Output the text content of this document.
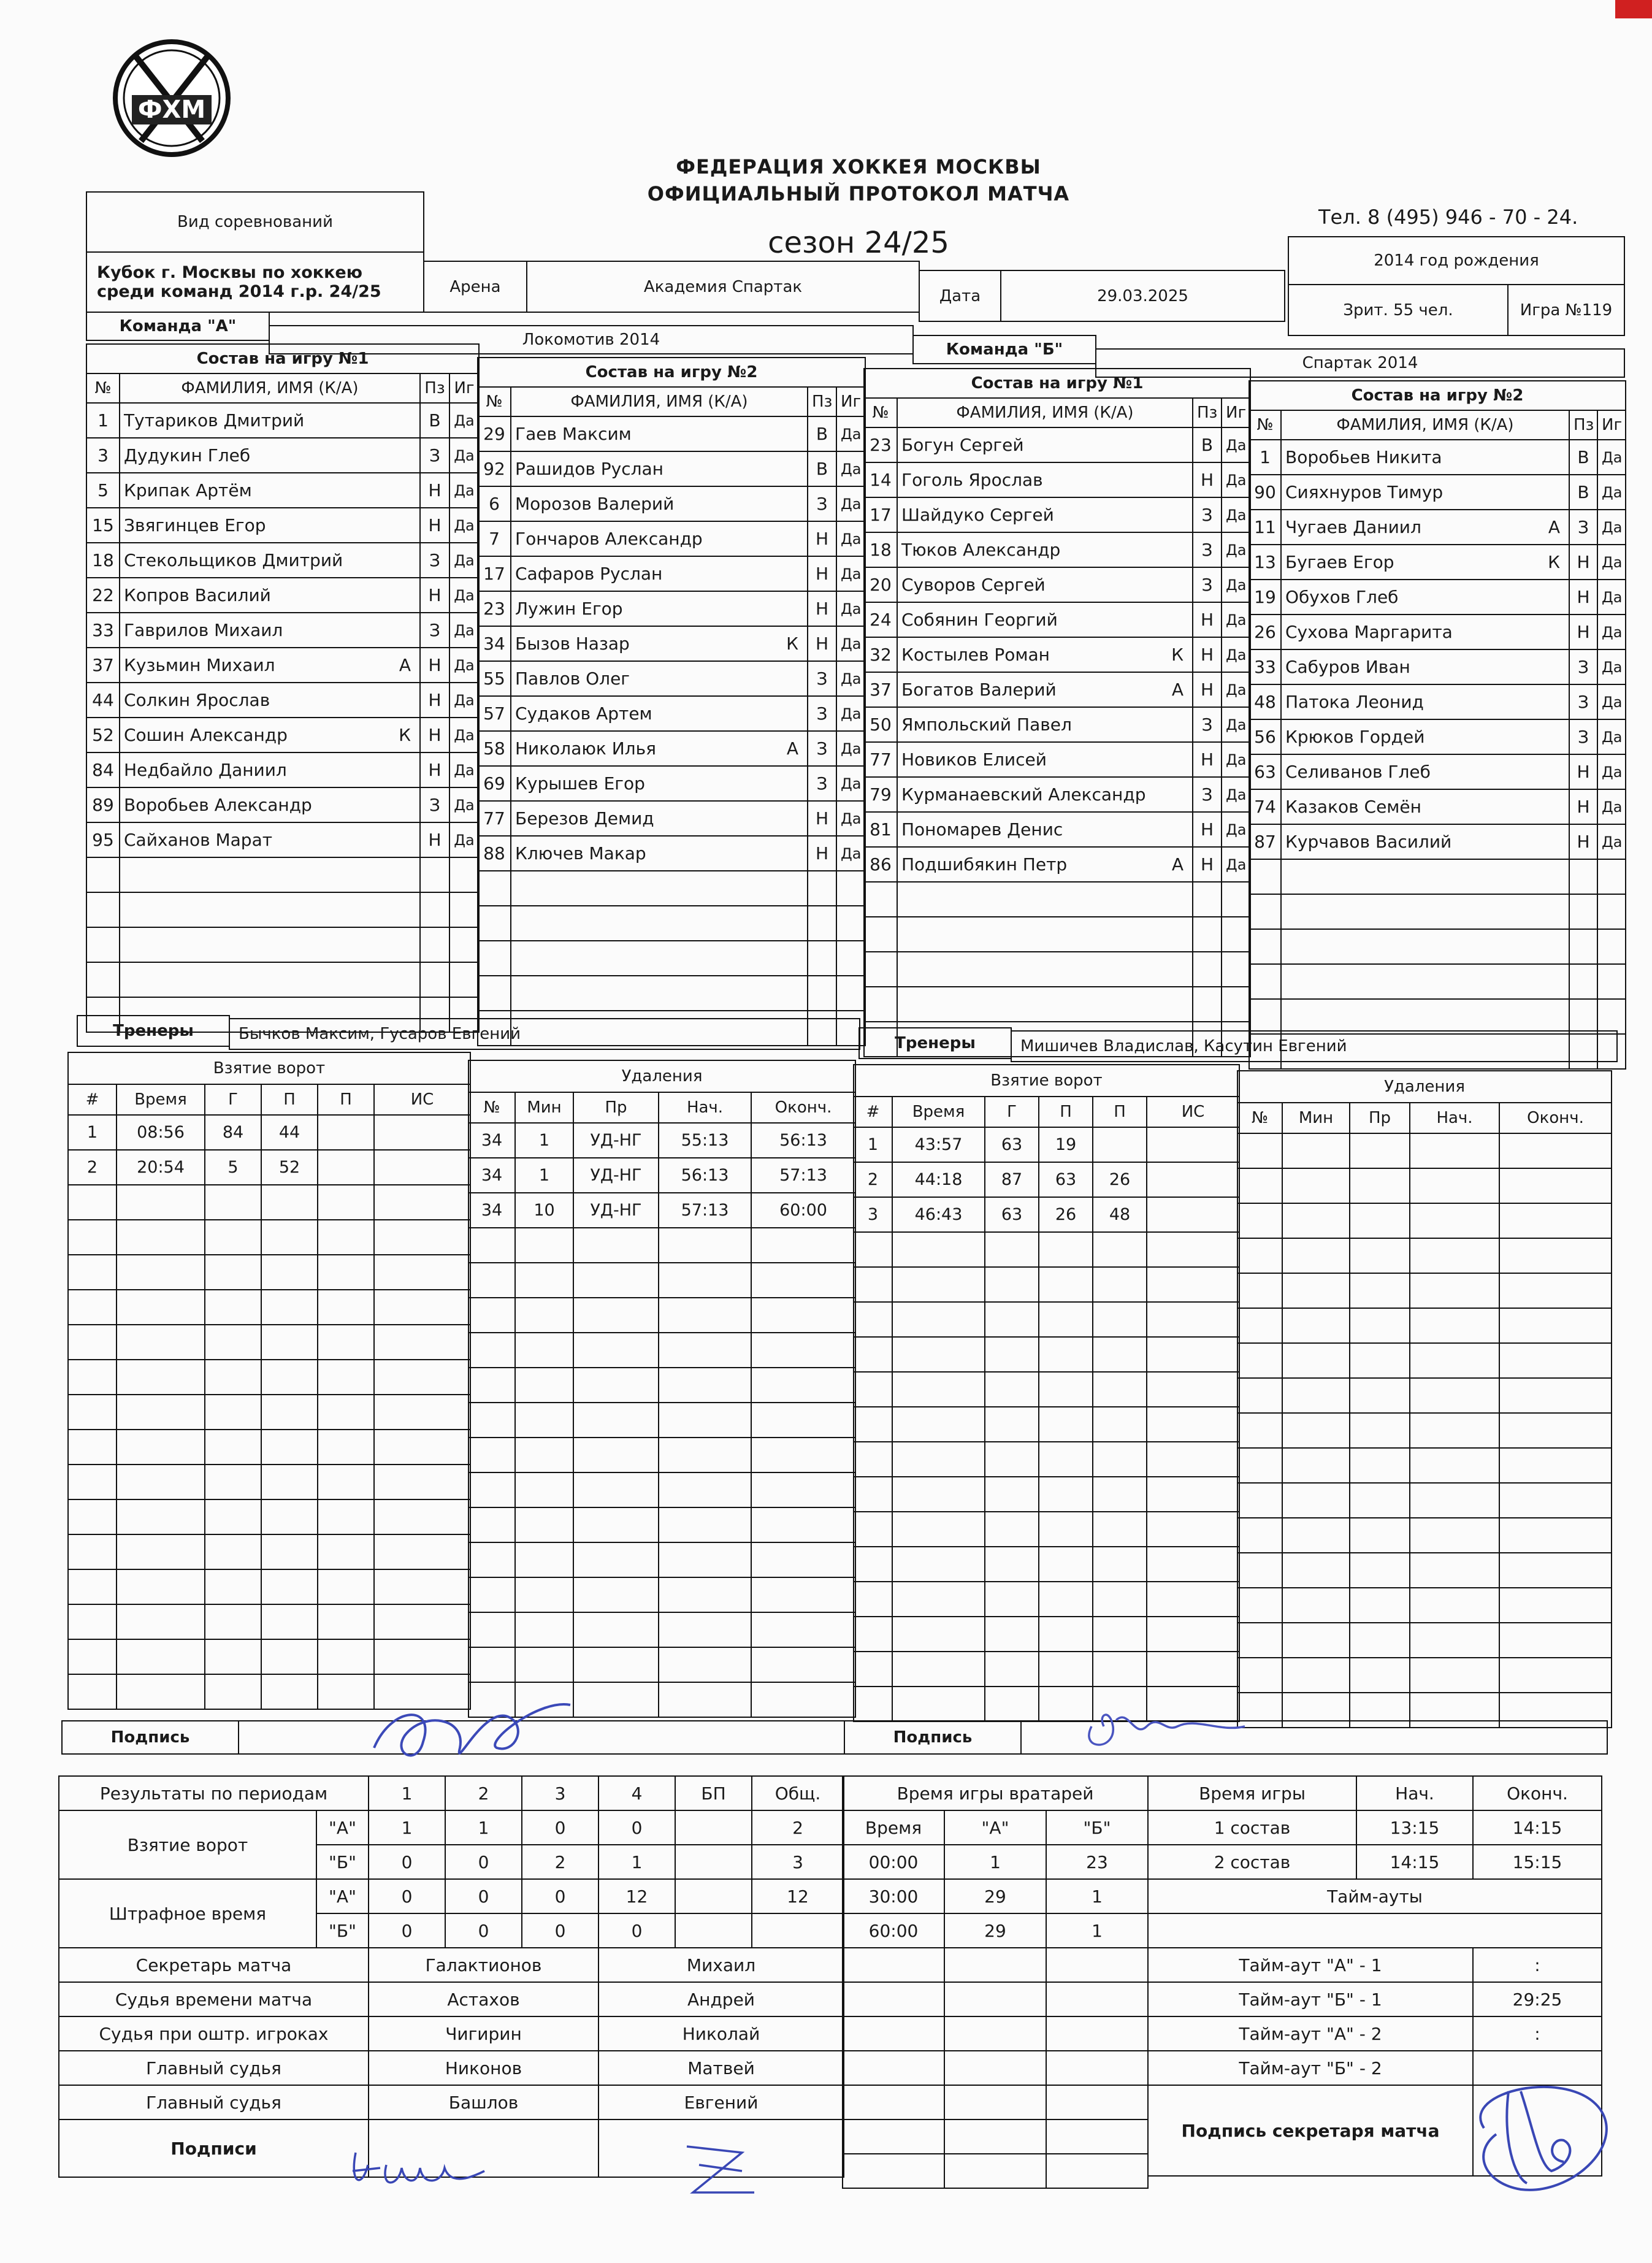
ФХМ
ФЕДЕРАЦИЯ ХОККЕЯ МОСКВЫ
ОФИЦИАЛЬНЫЙ ПРОТОКОЛ МАТЧА
сезон 24/25
Тел. 8 (495) 946 - 70 - 24.
Вид соревнований
Кубок г. Москвы по хоккею среди команд 2014 г.р. 24/25	Арена	Академия Спартак	Дата	29.03.2025
2014 год рождения
Зрит. 55 чел.	Игра №119
Команда "А"
Локомотив 2014
Команда "Б"
Спартак 2014
Состав на игру №1			
№	ФАМИЛИЯ, ИМЯ (К/А)	Пз	Иг
1	Тутариков Дмитрий	В	Да
3	Дудукин Глеб	З	Да
5	Крипак Артём	Н	Да
15	Звягинцев Егор	Н	Да
18	Стекольщиков Дмитрий	З	Да
22	Копров Василий	Н	Да
33	Гаврилов Михаил	З	Да
37	Кузьмин Михаил А	Н	Да
44	Солкин Ярослав	Н	Да
52	Сошин Александр К	Н	Да
84	Недбайло Даниил	Н	Да
89	Воробьев Александр	З	Да
95	Сайханов Марат	Н	Да

Состав на игру №2			
№	ФАМИЛИЯ, ИМЯ (К/А)	Пз	Иг
29	Гаев Максим	В	Да
92	Рашидов Руслан	В	Да
6	Морозов Валерий	З	Да
7	Гончаров Александр	Н	Да
17	Сафаров Руслан	Н	Да
23	Лужин Егор	Н	Да
34	Бызов Назар К	Н	Да
55	Павлов Олег	З	Да
57	Судаков Артем	З	Да
58	Николаюк Илья А	З	Да
69	Курышев Егор	З	Да
77	Березов Демид	Н	Да
88	Ключев Макар	Н	Да

Состав на игру №1			
№	ФАМИЛИЯ, ИМЯ (К/А)	Пз	Иг
23	Богун Сергей	В	Да
14	Гоголь Ярослав	Н	Да
17	Шайдуко Сергей	З	Да
18	Тюков Александр	З	Да
20	Суворов Сергей	З	Да
24	Собянин Георгий	Н	Да
32	Костылев Роман К	Н	Да
37	Богатов Валерий А	Н	Да
50	Ямпольский Павел	З	Да
77	Новиков Елисей	Н	Да
79	Курманаевский Александр	З	Да
81	Пономарев Денис	Н	Да
86	Подшибякин Петр А	Н	Да

Состав на игру №2			
№	ФАМИЛИЯ, ИМЯ (К/А)	Пз	Иг
1	Воробьев Никита	В	Да
90	Сияхнуров Тимур	В	Да
11	Чугаев Даниил А	З	Да
13	Бугаев Егор К	Н	Да
19	Обухов Глеб	Н	Да
26	Сухова Маргарита	Н	Да
33	Сабуров Иван	З	Да
48	Патока Леонид	З	Да
56	Крюков Гордей	З	Да
63	Селиванов Глеб	Н	Да
74	Казаков Семён	Н	Да
87	Курчавов Василий	Н	Да

Тренеры	Бычков Максим, Гусаров Евгений	Тренеры	Мишичев Владислав, Касутин Евгений
Взятие ворот					
#	Время	Г	П	П	ИС
1	08:56	84	44		
2	20:54	5	52		

Удаления				
№	Мин	Пр	Нач.	Оконч.
34	1	УД-НГ	55:13	56:13
34	1	УД-НГ	56:13	57:13
34	10	УД-НГ	57:13	60:00

Взятие ворот					
#	Время	Г	П	П	ИС
1	43:57	63	19		
2	44:18	87	63	26	
3	46:43	63	26	48	

Удаления				
№	Мин	Пр	Нач.	Оконч.

Подпись	Подпись
Результаты по периодам		1	2	3	4	БП	Общ.
Взятие ворот	"А"	1	1	0	0		2
	"Б"	0	0	2	1		3
Штрафное время	"А"	0	0	0	12		12
	"Б"	0	0	0	0		
Секретарь матча		Галактионов			Михаил		
Судья времени матча		Астахов			Андрей		
Судья при оштр. игроках		Чигирин			Николай		
Главный судья		Никонов			Матвей		
Главный судья		Башлов			Евгений		
Подписи							
Время игры вратарей		
Время	"А"	"Б"
00:00	1	23
30:00	29	1
60:00	29	1

Время игры	Нач.	Оконч.
1 состав	13:15	14:15
2 состав	14:15	15:15
Тайм-ауты		

Тайм-аут "А" - 1		:
Тайм-аут "Б" - 1		29:25
Тайм-аут "А" - 2		:
Тайм-аут "Б" - 2		
Подпись секретаря матча		
